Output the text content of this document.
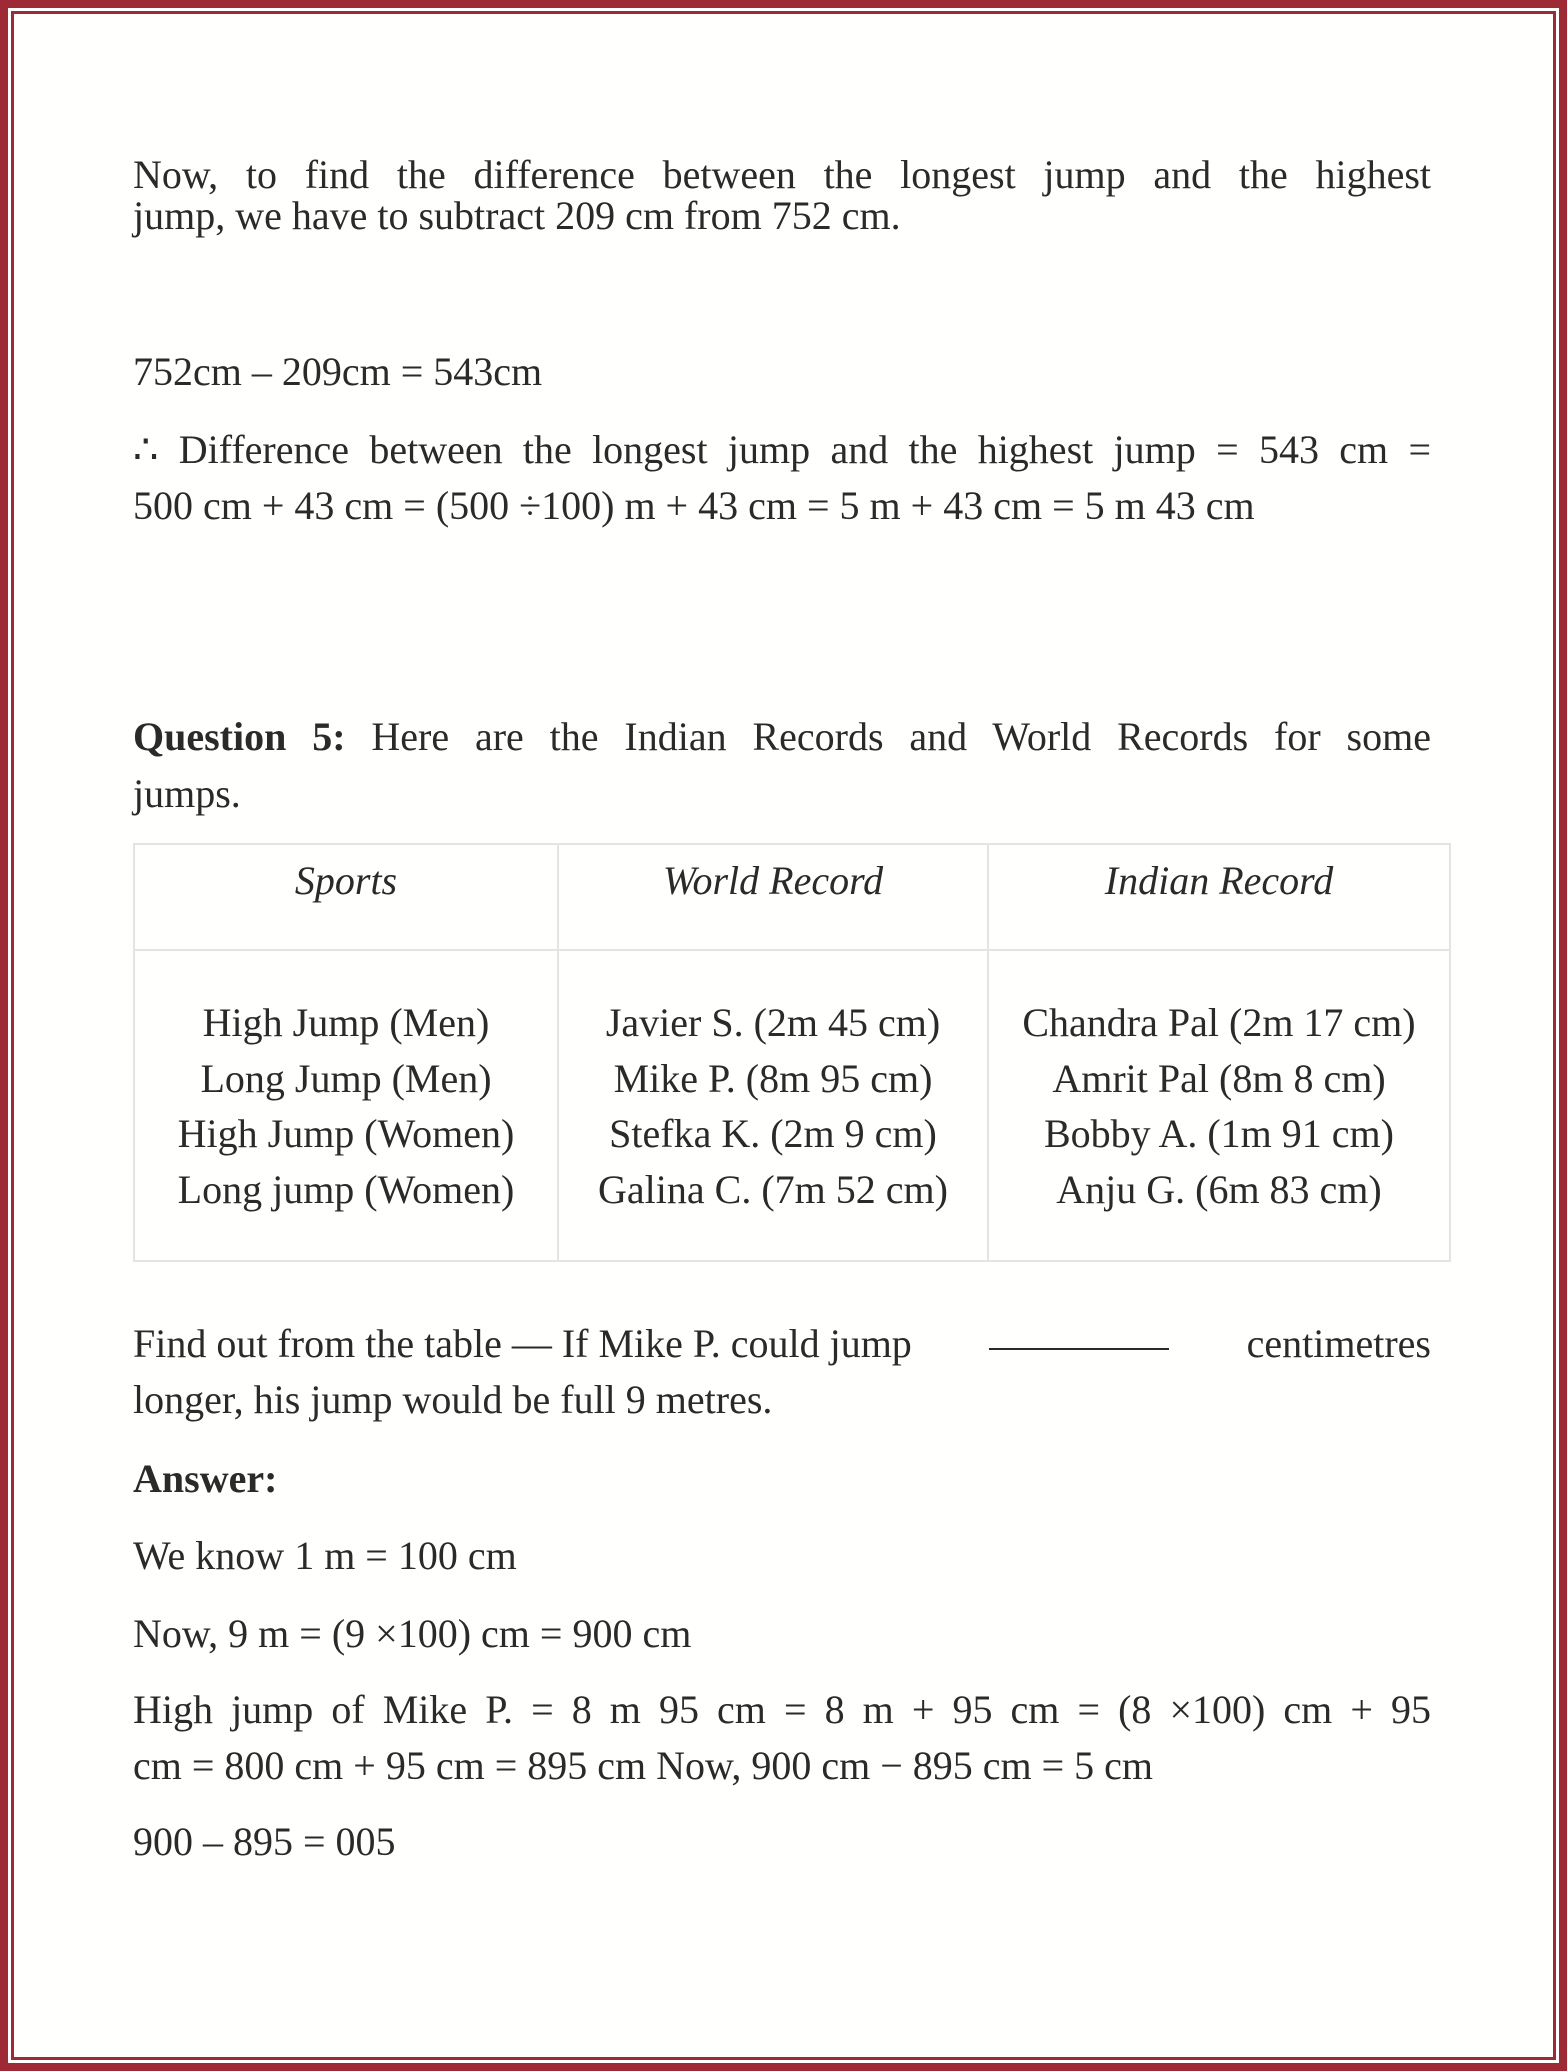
Now, to find the difference between the longest jump and the highest
jump, we have to subtract 209 cm from 752 cm.
752cm – 209cm = 543cm
∴ Difference between the longest jump and the highest jump = 543 cm =
500 cm + 43 cm = (500 ÷100) m + 43 cm = 5 m + 43 cm = 5 m 43 cm
Question 5: Here are the Indian Records and World Records for some
jumps.
Sports
High Jump (Men)
Long Jump (Men)
High Jump (Women)
Long jump (Women)
World Record
Javier S. (2m 45 cm)
Mike P. (8m 95 cm)
Stefka K. (2m 9 cm)
Galina C. (7m 52 cm)
Indian Record
Chandra Pal (2m 17 cm)
Amrit Pal (8m 8 cm)
Bobby A. (1m 91 cm)
Anju G. (6m 83 cm)
Find out from the table — If Mike P. could jump	centimetres
longer, his jump would be full 9 metres.
Answer:
We know 1 m = 100 cm
Now, 9 m = (9 ×100) cm = 900 cm
High jump of Mike P. = 8 m 95 cm = 8 m + 95 cm = (8 ×100) cm + 95
cm = 800 cm + 95 cm = 895 cm Now, 900 cm − 895 cm = 5 cm
900 – 895 = 005
